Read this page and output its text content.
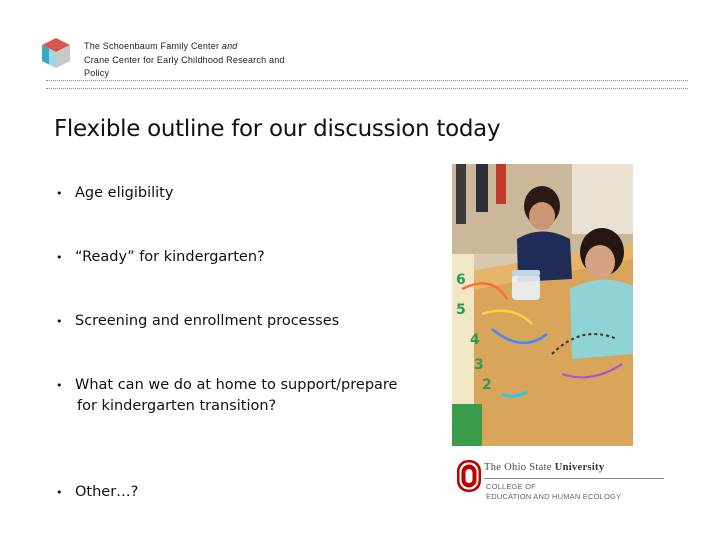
The Schoenbaum Family Center and
Crane Center for Early Childhood Research and
Policy
Flexible outline for our discussion today
• Age eligibility
• “Ready” for kindergarten?
• Screening and enrollment processes
• What can we do at home to support/prepare
for kindergarten transition?
• Other…?
6
5
4
3
2
The Ohio State University
COLLEGE OF
EDUCATION AND HUMAN ECOLOGY
